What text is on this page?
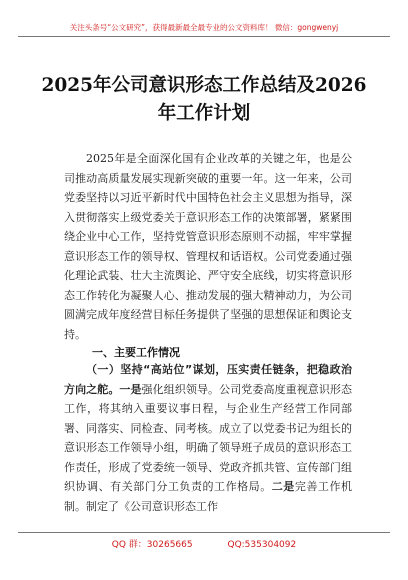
关注头条号“公文研究”，获得最新最全最专业的公文资料库！ 微信：gongwenyj
2025年公司意识形态工作总结及2026年工作计划

2025年是全面深化国有企业改革的关键之年，也是公司推动高质量发展实现新突破的重要一年。这一年来，公司党委坚持以习近平新时代中国特色社会主义思想为指导，深入贯彻落实上级党委关于意识形态工作的决策部署，紧紧围绕企业中心工作，坚持党管意识形态原则不动摇，牢牢掌握意识形态工作的领导权、管理权和话语权。公司党委通过强化理论武装、壮大主流舆论、严守安全底线，切实将意识形态工作转化为凝聚人心、推动发展的强大精神动力，为公司圆满完成年度经营目标任务提供了坚强的思想保证和舆论支持。

一、主要工作情况

（一）坚持“高站位”谋划，压实责任链条，把稳政治方向之舵。一是强化组织领导。公司党委高度重视意识形态工作，将其纳入重要议事日程，与企业生产经营工作同部署、同落实、同检查、同考核。成立了以党委书记为组长的意识形态工作领导小组，明确了领导班子成员的意识形态工作责任，形成了党委统一领导、党政齐抓共管、宣传部门组织协调、有关部门分工负责的工作格局。二是完善工作机制。制定了《公司意识形态工作

QQ 群：30265665	QQ:535304092
